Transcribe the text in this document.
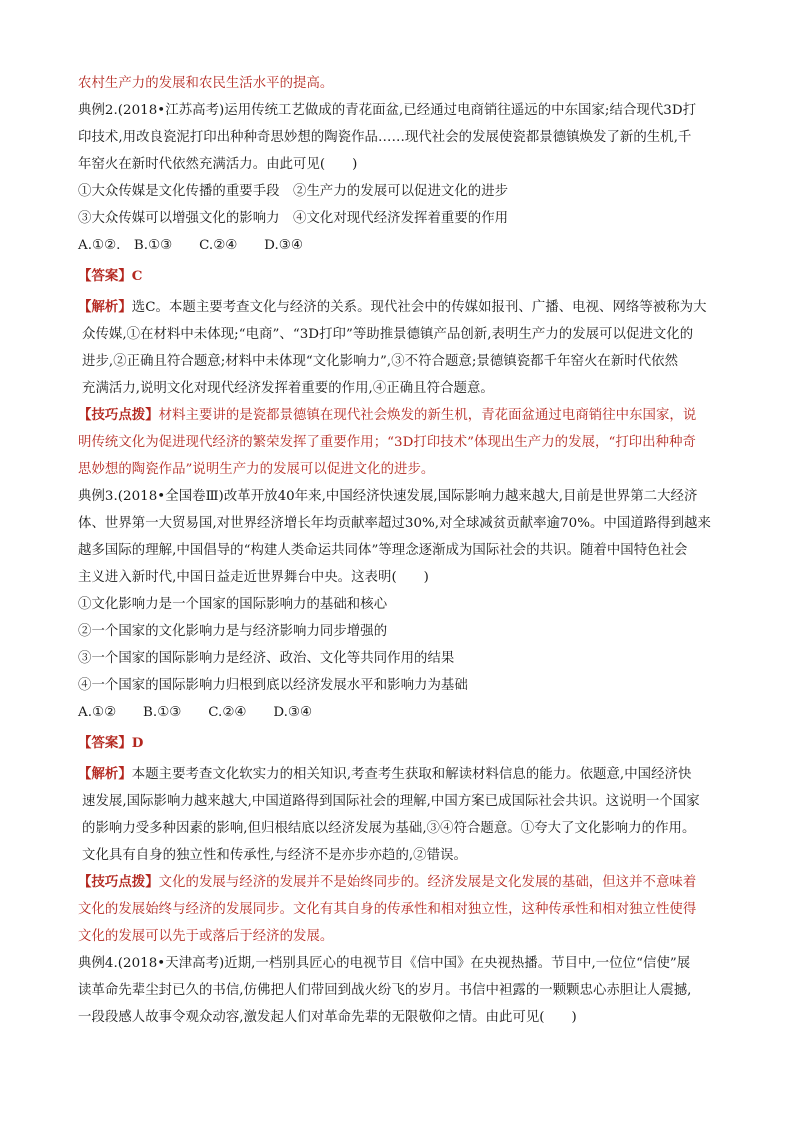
农村生产力的发展和农民生活水平的提高。
典例2.(2018•江苏高考)运用传统工艺做成的青花面盆,已经通过电商销往遥远的中东国家;结合现代3D打
印技术,用改良瓷泥打印出种种奇思妙想的陶瓷作品……现代社会的发展使瓷都景德镇焕发了新的生机,千
年窑火在新时代依然充满活力。由此可见(　　)
①大众传媒是文化传播的重要手段　②生产力的发展可以促进文化的进步
③大众传媒可以增强文化的影响力　④文化对现代经济发挥着重要的作用
A.①②.　B.①③　　C.②④　　D.③④
【答案】C
【解析】选C。本题主要考查文化与经济的关系。现代社会中的传媒如报刊、广播、电视、网络等被称为大
众传媒,①在材料中未体现;“电商”、“3D打印”等助推景德镇产品创新,表明生产力的发展可以促进文化的
进步,②正确且符合题意;材料中未体现“文化影响力”,③不符合题意;景德镇瓷都千年窑火在新时代依然
充满活力,说明文化对现代经济发挥着重要的作用,④正确且符合题意。
【技巧点拨】材料主要讲的是瓷都景德镇在现代社会焕发的新生机，青花面盆通过电商销往中东国家，说
明传统文化为促进现代经济的繁荣发挥了重要作用；“3D打印技术”体现出生产力的发展，“打印出种种奇
思妙想的陶瓷作品”说明生产力的发展可以促进文化的进步。
典例3.(2018•全国卷Ⅲ)改革开放40年来,中国经济快速发展,国际影响力越来越大,目前是世界第二大经济
体、世界第一大贸易国,对世界经济增长年均贡献率超过30%,对全球减贫贡献率逾70%。中国道路得到越来
越多国际的理解,中国倡导的“构建人类命运共同体”等理念逐渐成为国际社会的共识。随着中国特色社会
主义进入新时代,中国日益走近世界舞台中央。这表明(　　)
①文化影响力是一个国家的国际影响力的基础和核心
②一个国家的文化影响力是与经济影响力同步增强的
③一个国家的国际影响力是经济、政治、文化等共同作用的结果
④一个国家的国际影响力归根到底以经济发展水平和影响力为基础
A.①②　　B.①③　　C.②④　　D.③④
【答案】D
【解析】本题主要考查文化软实力的相关知识,考查考生获取和解读材料信息的能力。依题意,中国经济快
速发展,国际影响力越来越大,中国道路得到国际社会的理解,中国方案已成国际社会共识。这说明一个国家
的影响力受多种因素的影响,但归根结底以经济发展为基础,③④符合题意。①夸大了文化影响力的作用。
文化具有自身的独立性和传承性,与经济不是亦步亦趋的,②错误。
【技巧点拨】文化的发展与经济的发展并不是始终同步的。经济发展是文化发展的基础，但这并不意味着
文化的发展始终与经济的发展同步。文化有其自身的传承性和相对独立性，这种传承性和相对独立性使得
文化的发展可以先于或落后于经济的发展。
典例4.(2018•天津高考)近期,一档别具匠心的电视节目《信中国》在央视热播。节目中,一位位“信使”展
读革命先辈尘封已久的书信,仿佛把人们带回到战火纷飞的岁月。书信中袒露的一颗颗忠心赤胆让人震撼,
一段段感人故事令观众动容,激发起人们对革命先辈的无限敬仰之情。由此可见(　　)
